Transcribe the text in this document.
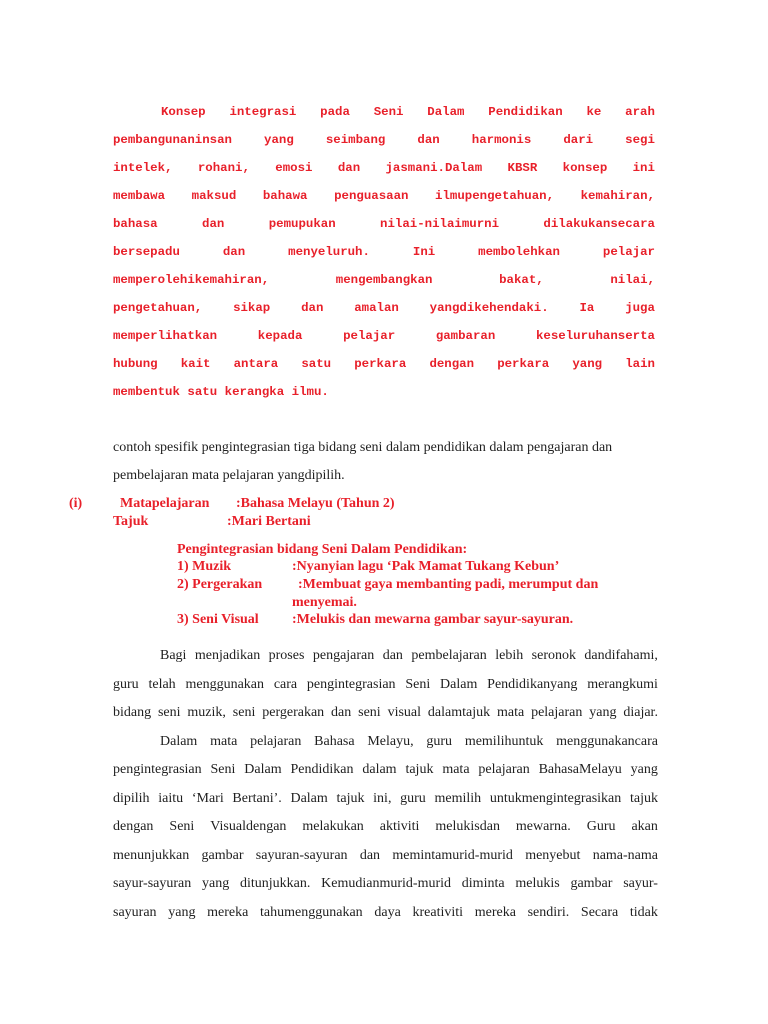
Konsep integrasi pada Seni Dalam Pendidikan ke arah
pembangunaninsan	yang	seimbang	dan	harmonis	dari	segi
intelek, rohani, emosi dan jasmani.Dalam KBSR konsep ini
membawa maksud bahawa penguasaan ilmupengetahuan, kemahiran,
bahasa	dan	pemupukan	nilai-nilaimurni	dilakukansecara
bersepadu	dan	menyeluruh.	Ini	membolehkan	pelajar
memperolehikemahiran,	mengembangkan	bakat,	nilai,
pengetahuan, sikap dan amalan yangdikehendaki. Ia juga
memperlihatkan	kepada	pelajar	gambaran	keseluruhanserta
hubung kait antara satu perkara dengan perkara yang lain
membentuk satu kerangka ilmu.
contoh spesifik pengintegrasian tiga bidang seni dalam pendidikan dalam pengajaran dan
pembelajaran mata pelajaran yangdipilih.
(i)	Matapelajaran :Bahasa Melayu (Tahun 2)
Tajuk	:Mari Bertani
Pengintegrasian bidang Seni Dalam Pendidikan:
1) Muzik	:Nyanyian lagu ‘Pak Mamat Tukang Kebun’
2) Pergerakan	:Membuat gaya membanting padi, merumput dan
menyemai.
3) Seni Visual :Melukis dan mewarna gambar sayur-sayuran.
Bagi menjadikan proses pengajaran dan pembelajaran lebih seronok dandifahami,
guru telah menggunakan cara pengintegrasian Seni Dalam Pendidikanyang merangkumi
bidang seni muzik, seni pergerakan dan seni visual dalamtajuk mata pelajaran yang diajar.
Dalam mata pelajaran Bahasa Melayu, guru memilihuntuk menggunakancara
pengintegrasian Seni Dalam Pendidikan dalam tajuk mata pelajaran BahasaMelayu yang
dipilih iaitu ‘Mari Bertani’. Dalam tajuk ini, guru memilih untukmengintegrasikan tajuk
dengan Seni Visualdengan melakukan aktiviti melukisdan mewarna. Guru akan
menunjukkan gambar sayuran-sayuran dan memintamurid-murid menyebut nama-nama
sayur-sayuran yang ditunjukkan. Kemudianmurid-murid diminta melukis gambar sayur-
sayuran yang mereka tahumenggunakan daya kreativiti mereka sendiri. Secara tidak
